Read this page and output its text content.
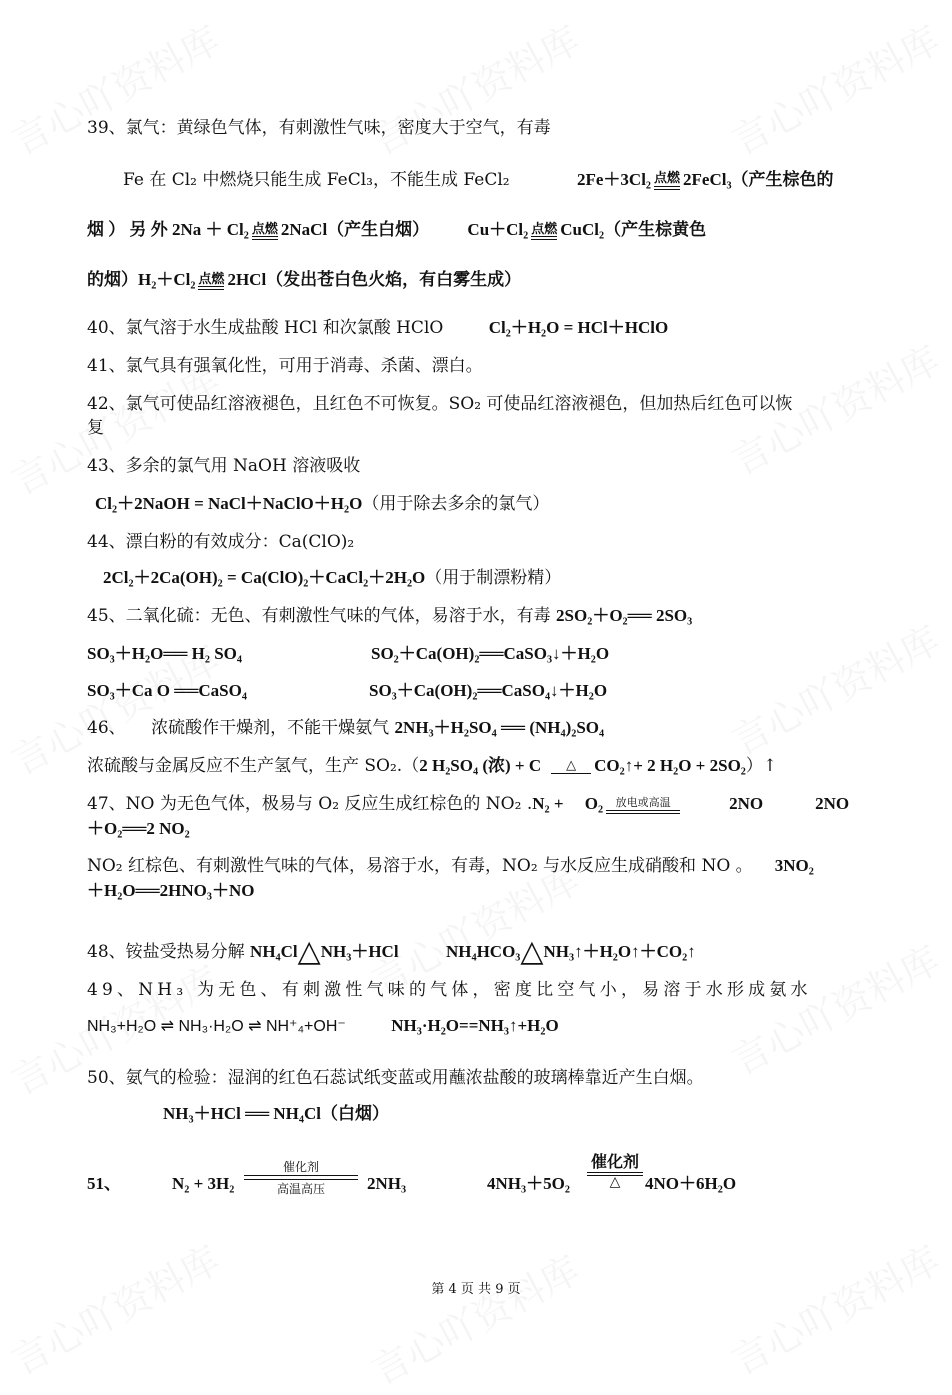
39、氯气：黄绿色气体，有刺激性气味，密度大于空气，有毒
Fe 在 Cl₂ 中燃烧只能生成 FeCl₃，不能生成 FeCl₂	2Fe＋3Cl₂ 点燃 2FeCl₃（产生棕色的
烟 ） 另 外 2Na ＋ Cl₂ 点燃 2NaCl（产生白烟） Cu＋Cl₂ 点燃 CuCl₂（产生棕黄色
的烟）H₂＋Cl₂ 点燃 2HCl（发出苍白色火焰，有白雾生成）
40、氯气溶于水生成盐酸 HCl 和次氯酸 HClO	Cl₂＋H₂O = HCl＋HClO
41、氯气具有强氧化性，可用于消毒、杀菌、漂白。
42、氯气可使品红溶液褪色，且红色不可恢复。SO₂ 可使品红溶液褪色，但加热后红色可以恢
复
43、多余的氯气用 NaOH 溶液吸收
Cl₂＋2NaOH = NaCl＋NaClO＋H₂O（用于除去多余的氯气）
44、漂白粉的有效成分：Ca(ClO)₂
2Cl₂＋2Ca(OH)₂ = Ca(ClO)₂＋CaCl₂＋2H₂O（用于制漂粉精）
45、二氧化硫：无色、有刺激性气味的气体，易溶于水，有毒 2SO₂＋O₂══ 2SO₃
SO₃＋H₂O══ H₂ SO₄	SO₂＋Ca(OH)₂══CaSO₃↓＋H₂O
SO₃＋Ca O ══CaSO₄	SO₃＋Ca(OH)₂══CaSO₄↓＋H₂O
46、　　浓硫酸作干燥剂，不能干燥氨气 2NH₃＋H₂SO₄ ══ (NH₄)₂SO₄
浓硫酸与金属反应不生产氢气，生产 SO₂.（2 H₂SO₄ (浓) + C	△	CO₂↑+ 2 H₂O + 2SO₂）↑
47、NO 为无色气体，极易与 O₂ 反应生成红棕色的 NO₂ .N₂ +　 O₂	放电或高温	2NO	2NO
＋O₂══2 NO₂
NO₂ 红棕色、有刺激性气味的气体，易溶于水，有毒，NO₂ 与水反应生成硝酸和 NO 。 3NO₂
＋H₂O══2HNO₃＋NO
48、铵盐受热易分解 NH₄Cl△NH₃＋HCl	NH₄HCO₃△NH₃↑＋H₂O↑＋CO₂↑
49、NH₃ 为无色、有刺激性气味的气体，密度比空气小，易溶于水形成氨水
NH₃+H₂O ⇌ NH₃·H₂O ⇌ NH⁺₄+OH⁻	NH₃·H₂O==NH₃↑+H₂O
50、氨气的检验：湿润的红色石蕊试纸变蓝或用蘸浓盐酸的玻璃棒靠近产生白烟。
NH₃＋HCl ══ NH₄Cl（白烟）
51、	N₂ + 3H₂
催化剂
高温高压	2NH₃	4NH₃＋5O₂
催化剂
△	4NO＋6H₂O
第 4 页 共 9 页
